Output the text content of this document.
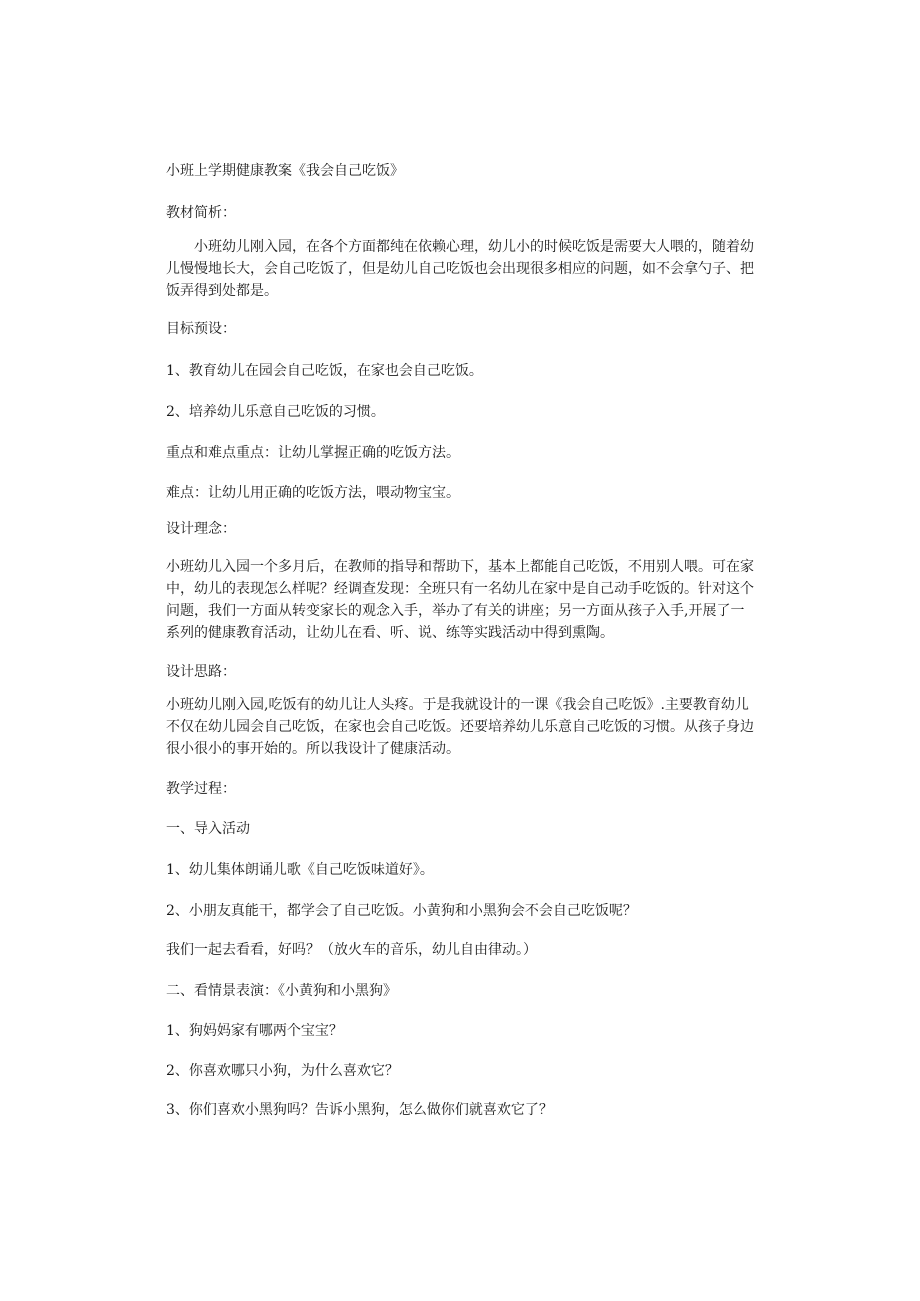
小班上学期健康教案《我会自己吃饭》
教材简析：
小班幼儿刚入园，在各个方面都纯在依赖心理，幼儿小的时候吃饭是需要大人喂的，随着幼儿慢慢地长大，会自己吃饭了，但是幼儿自己吃饭也会出现很多相应的问题，如不会拿勺子、把饭弄得到处都是。
目标预设：
1、教育幼儿在园会自己吃饭，在家也会自己吃饭。
2、培养幼儿乐意自己吃饭的习惯。
重点和难点重点：让幼儿掌握正确的吃饭方法。
难点：让幼儿用正确的吃饭方法，喂动物宝宝。
设计理念：
小班幼儿入园一个多月后，在教师的指导和帮助下，基本上都能自己吃饭，不用别人喂。可在家中，幼儿的表现怎么样呢？经调查发现：全班只有一名幼儿在家中是自己动手吃饭的。针对这个问题，我们一方面从转变家长的观念入手，举办了有关的讲座；另一方面从孩子入手,开展了一系列的健康教育活动，让幼儿在看、听、说、练等实践活动中得到熏陶。
设计思路：
小班幼儿刚入园,吃饭有的幼儿让人头疼。于是我就设计的一课《我会自己吃饭》.主要教育幼儿不仅在幼儿园会自己吃饭，在家也会自己吃饭。还要培养幼儿乐意自己吃饭的习惯。从孩子身边很小很小的事开始的。所以我设计了健康活动。
教学过程：
一、导入活动
1、幼儿集体朗诵儿歌《自己吃饭味道好》。
2、小朋友真能干，都学会了自己吃饭。小黄狗和小黑狗会不会自己吃饭呢？
我们一起去看看，好吗？（放火车的音乐，幼儿自由律动。）
二、看情景表演：《小黄狗和小黑狗》
1、狗妈妈家有哪两个宝宝？
2、你喜欢哪只小狗，为什么喜欢它？
3、你们喜欢小黑狗吗？告诉小黑狗，怎么做你们就喜欢它了？
